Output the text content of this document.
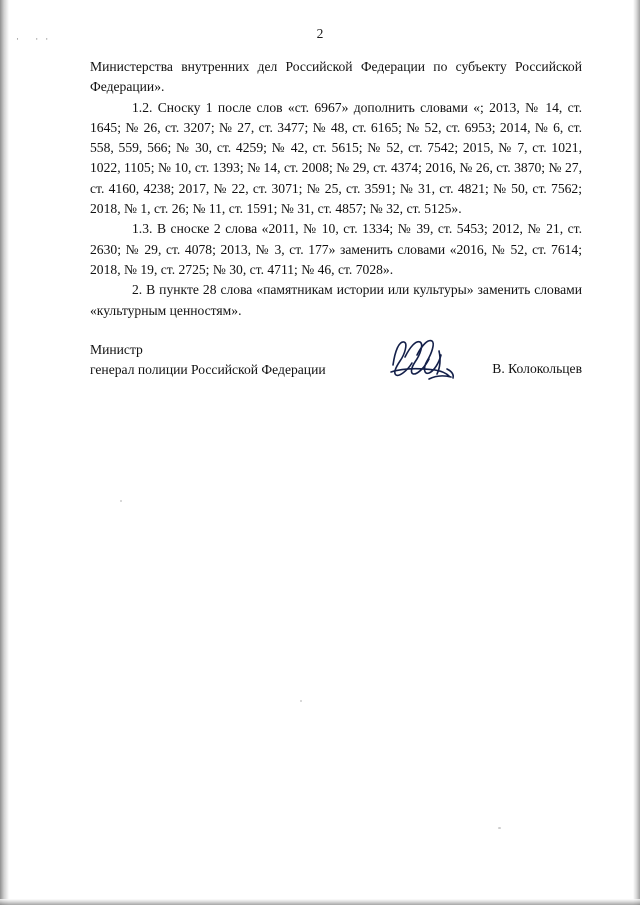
· ··	2

Министерства внутренних дел Российской Федерации по субъекту Российской Федерации».

1.2. Сноску 1 после слов «ст. 6967» дополнить словами «; 2013, № 14, ст. 1645; № 26, ст. 3207; № 27, ст. 3477; № 48, ст. 6165; № 52, ст. 6953; 2014, № 6, ст. 558, 559, 566; № 30, ст. 4259; № 42, ст. 5615; № 52, ст. 7542; 2015, № 7, ст. 1021, 1022, 1105; № 10, ст. 1393; № 14, ст. 2008; № 29, ст. 4374; 2016, № 26, ст. 3870; № 27, ст. 4160, 4238; 2017, № 22, ст. 3071; № 25, ст. 3591; № 31, ст. 4821; № 50, ст. 7562; 2018, № 1, ст. 26; № 11, ст. 1591; № 31, ст. 4857; № 32, ст. 5125».

1.3. В сноске 2 слова «2011, № 10, ст. 1334; № 39, ст. 5453; 2012, № 21, ст. 2630; № 29, ст. 4078; 2013, № 3, ст. 177» заменить словами «2016, № 52, ст. 7614; 2018, № 19, ст. 2725; № 30, ст. 4711; № 46, ст. 7028».

2. В пункте 28 слова «памятникам истории или культуры» заменить словами «культурным ценностям».

Министр
генерал полиции Российской Федерации	В. Колокольцев
